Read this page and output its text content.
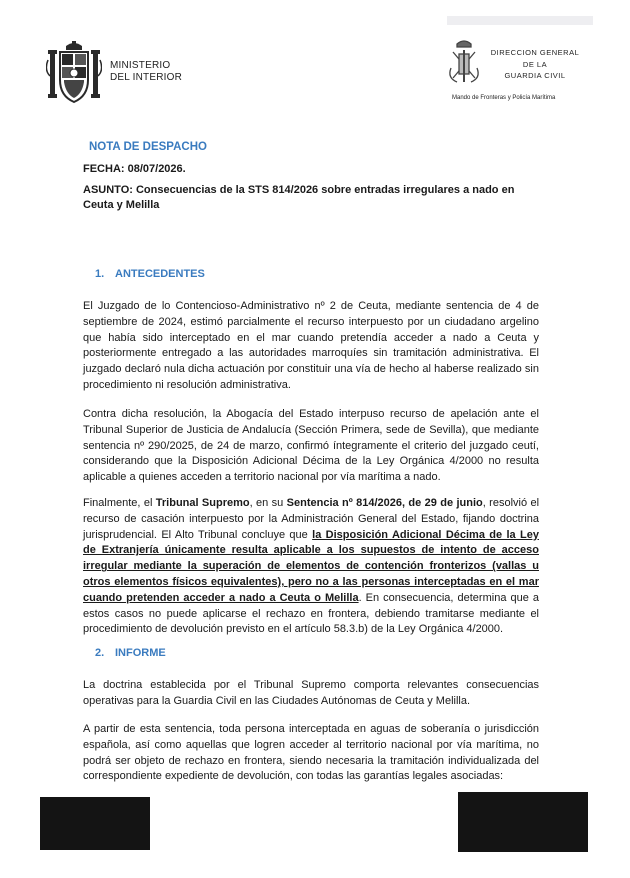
MINISTERIO
DEL INTERIOR
DIRECCION GENERAL
DE LA
GUARDIA CIVIL
Mando de Fronteras y Policía Marítima
NOTA DE DESPACHO
FECHA: 08/07/2026.
ASUNTO: Consecuencias de la STS 814/2026 sobre entradas irregulares a nado en Ceuta y Melilla
1. ANTECEDENTES
El Juzgado de lo Contencioso-Administrativo nº 2 de Ceuta, mediante sentencia de 4 de septiembre de 2024, estimó parcialmente el recurso interpuesto por un ciudadano argelino que había sido interceptado en el mar cuando pretendía acceder a nado a Ceuta y posteriormente entregado a las autoridades marroquíes sin tramitación administrativa. El juzgado declaró nula dicha actuación por constituir una vía de hecho al haberse realizado sin procedimiento ni resolución administrativa.
Contra dicha resolución, la Abogacía del Estado interpuso recurso de apelación ante el Tribunal Superior de Justicia de Andalucía (Sección Primera, sede de Sevilla), que mediante sentencia nº 290/2025, de 24 de marzo, confirmó íntegramente el criterio del juzgado ceutí, considerando que la Disposición Adicional Décima de la Ley Orgánica 4/2000 no resulta aplicable a quienes acceden a territorio nacional por vía marítima a nado.
Finalmente, el Tribunal Supremo, en su Sentencia nº 814/2026, de 29 de junio, resolvió el recurso de casación interpuesto por la Administración General del Estado, fijando doctrina jurisprudencial. El Alto Tribunal concluye que la Disposición Adicional Décima de la Ley de Extranjería únicamente resulta aplicable a los supuestos de intento de acceso irregular mediante la superación de elementos de contención fronterizos (vallas u otros elementos físicos equivalentes), pero no a las personas interceptadas en el mar cuando pretenden acceder a nado a Ceuta o Melilla. En consecuencia, determina que a estos casos no puede aplicarse el rechazo en frontera, debiendo tramitarse mediante el procedimiento de devolución previsto en el artículo 58.3.b) de la Ley Orgánica 4/2000.
2. INFORME
La doctrina establecida por el Tribunal Supremo comporta relevantes consecuencias operativas para la Guardia Civil en las Ciudades Autónomas de Ceuta y Melilla.
A partir de esta sentencia, toda persona interceptada en aguas de soberanía o jurisdicción española, así como aquellas que logren acceder al territorio nacional por vía marítima, no podrá ser objeto de rechazo en frontera, siendo necesaria la tramitación individualizada del correspondiente expediente de devolución, con todas las garantías legales asociadas:
